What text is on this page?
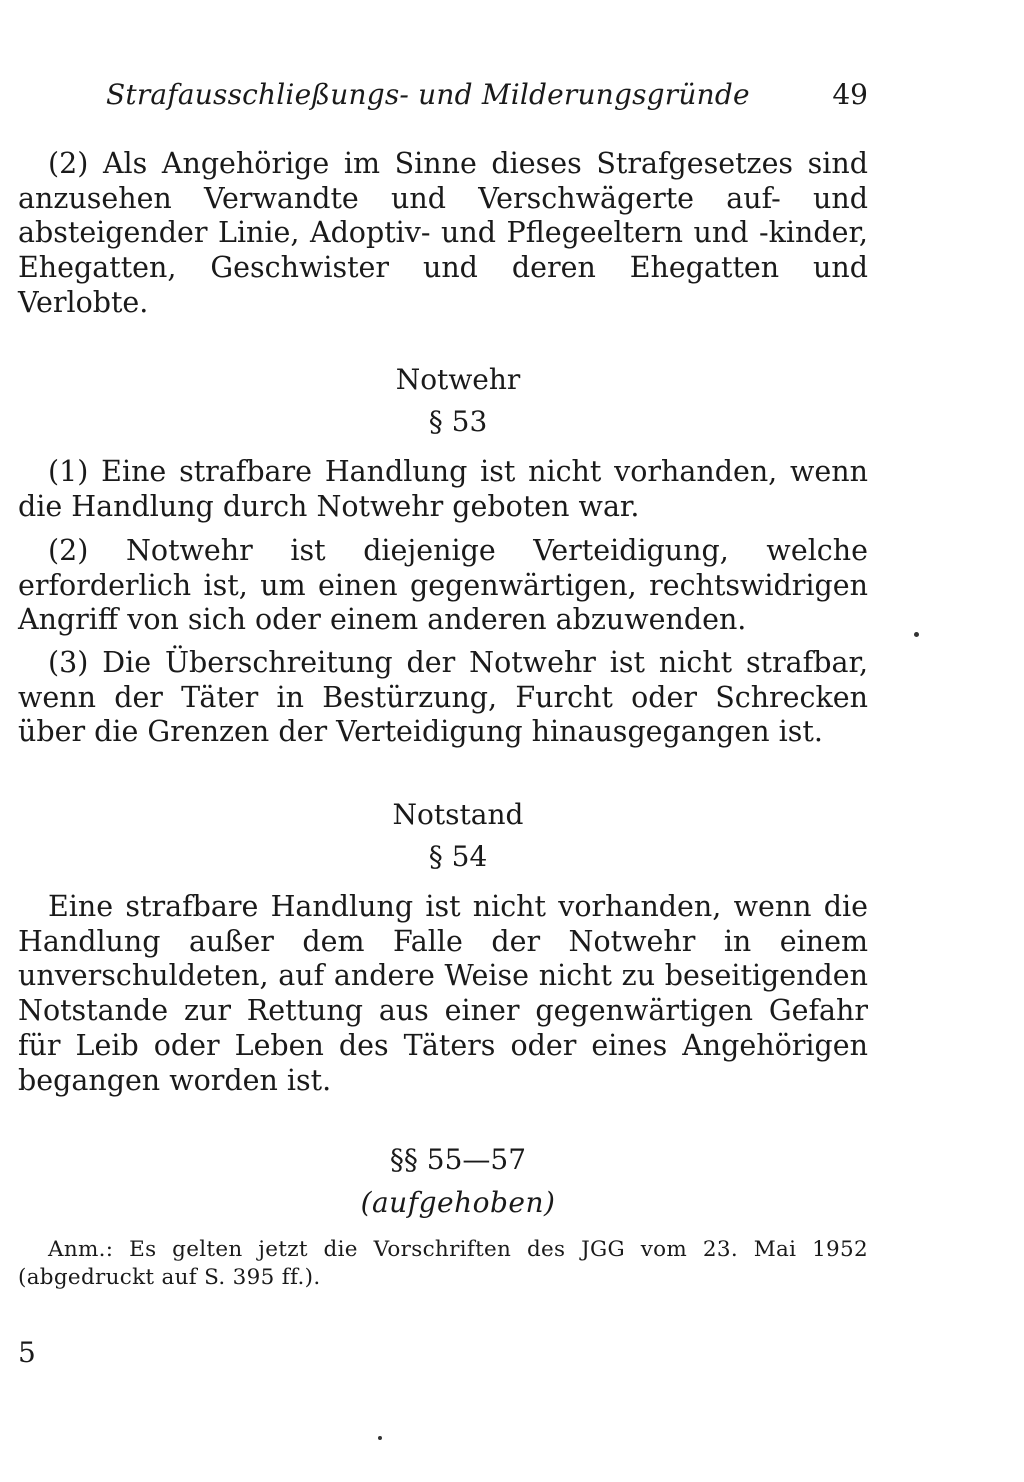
Strafausschließungs- und Milderungsgründe	49

(2) Als Angehörige im Sinne dieses Strafgesetzes sind anzusehen Verwandte und Verschwägerte auf- und absteigender Linie, Adoptiv- und Pflegeeltern und -kinder, Ehegatten, Geschwister und deren Ehegatten und Verlobte.

Notwehr
§ 53

(1) Eine strafbare Handlung ist nicht vorhanden, wenn die Handlung durch Notwehr geboten war.

(2) Notwehr ist diejenige Verteidigung, welche erforderlich ist, um einen gegenwärtigen, rechtswidrigen Angriff von sich oder einem anderen abzuwenden.

(3) Die Überschreitung der Notwehr ist nicht strafbar, wenn der Täter in Bestürzung, Furcht oder Schrecken über die Grenzen der Verteidigung hinausgegangen ist.

Notstand
§ 54

Eine strafbare Handlung ist nicht vorhanden, wenn die Handlung außer dem Falle der Notwehr in einem unverschuldeten, auf andere Weise nicht zu beseitigenden Notstande zur Rettung aus einer gegenwärtigen Gefahr für Leib oder Leben des Täters oder eines Angehörigen begangen worden ist.

§§ 55—57
(aufgehoben)

Anm.: Es gelten jetzt die Vorschriften des JGG vom 23. Mai 1952 (abgedruckt auf S. 395 ff.).

5
